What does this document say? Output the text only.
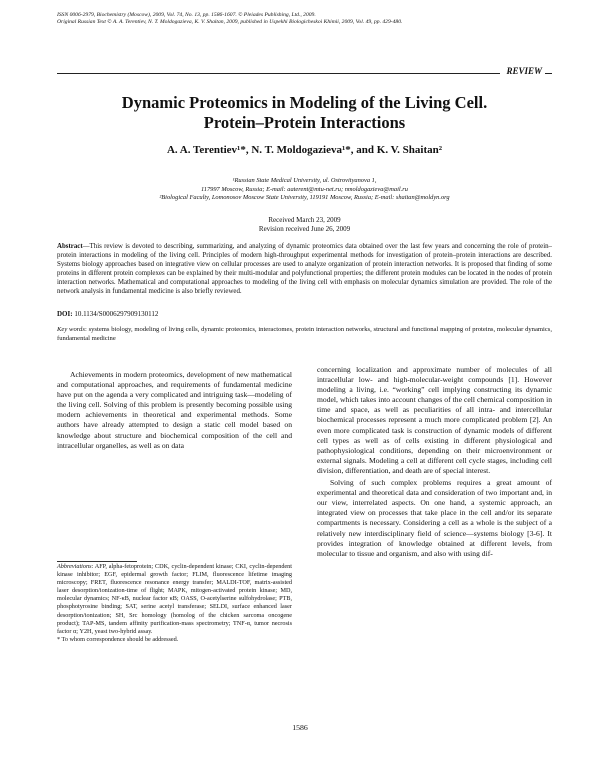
ISSN 0006-2979, Biochemistry (Moscow), 2009, Vol. 74, No. 13, pp. 1586-1607. © Pleiades Publishing, Ltd., 2009.
Original Russian Text © A. A. Terentiev, N. T. Moldogazieva, K. V. Shaitan, 2009, published in Uspekhi Biologicheskoi Khimii, 2009, Vol. 49, pp. 429-480.
REVIEW
Dynamic Proteomics in Modeling of the Living Cell.
Protein–Protein Interactions
A. A. Terentiev¹*, N. T. Moldogazieva¹*, and K. V. Shaitan²
¹Russian State Medical University, ul. Ostrovityanova 1,
117997 Moscow, Russia; E-mail: aaterent@mtu-net.ru; nmoldogazieva@mail.ru
²Biological Faculty, Lomonosov Moscow State University, 119191 Moscow, Russia; E-mail: shaitan@moldyn.org
Received March 23, 2009
Revision received June 26, 2009
Abstract—This review is devoted to describing, summarizing, and analyzing of dynamic proteomics data obtained over the last few years and concerning the role of protein–protein interactions in modeling of the living cell. Principles of modern high-throughput experimental methods for investigation of protein–protein interactions are described. Systems biology approaches based on integrative view on cellular processes are used to analyze organization of protein interaction networks. It is proposed that finding of some proteins in different protein complexes can be explained by their multi-modular and polyfunctional properties; the different protein modules can be located in the nodes of protein interaction networks. Mathematical and computational approaches to modeling of the living cell with emphasis on molecular dynamics simulation are provided. The role of the network analysis in fundamental medicine is also briefly reviewed.
DOI: 10.1134/S0006297909130112
Key words: systems biology, modeling of living cells, dynamic proteomics, interactomes, protein interaction networks, structural and functional mapping of proteins, molecular dynamics, fundamental medicine

Achievements in modern proteomics, development of new mathematical and computational approaches, and requirements of fundamental medicine have put on the agenda a very complicated and intriguing task—modeling of the living cell. Solving of this problem is presently becoming possible using modern achievements in theoretical and experimental methods. Some authors have already attempted to design a static cell model based on knowledge about structure and biochemical composition of the cell and intracellular organelles, as well as on data

concerning localization and approximate number of molecules of all intracellular low- and high-molecular-weight compounds [1]. However modeling a living, i.e. “working” cell implying constructing its dynamic model, which takes into account changes of the cell chemical composition in time and space, as well as peculiarities of all intra- and intercellular biochemical processes represent a much more complicated problem [2]. An even more complicated task is construction of dynamic models of different cell types as well as of cells existing in different physiological and pathophysiological conditions, depending on their microenvironment or external signals. Modeling a cell at different cell cycle stages, including cell division, differentiation, and death are of special interest.

Solving of such complex problems requires a great amount of experimental and theoretical data and consideration of two important and, in our view, interrelated aspects. On one hand, a systemic approach, an integrated view on processes that take place in the cell and/or its separate compartments is necessary. Considering a cell as a whole is the subject of a relatively new interdisciplinary field of science—systems biology [3-6]. It provides integration of knowledge obtained at different levels, from molecular to tissue and organism, and also with using dif-

Abbreviations: AFP, alpha-fetoprotein; CDK, cyclin-dependent kinase; CKI, cyclin-dependent kinase inhibitor; EGF, epidermal growth factor; FLIM, fluorescence lifetime imaging microscopy; FRET, fluorescence resonance energy transfer; MALDI-TOF, matrix-assisted laser desorption/ionization-time of flight; MAPK, mitogen-activated protein kinase; MD, molecular dynamics; NF-κB, nuclear factor κB; OASS, O-acetylserine sulfohydrolase; PTB, phosphotyrosine binding; SAT, serine acetyl transferase; SELDI, surface enhanced laser desorption/ionization; SH, Src homology (homolog of the chicken sarcoma oncogene product); TAP-MS, tandem affinity purification-mass spectrometry; TNF-α, tumor necrosis factor α; Y2H, yeast two-hybrid assay.

* To whom correspondence should be addressed.

1586
